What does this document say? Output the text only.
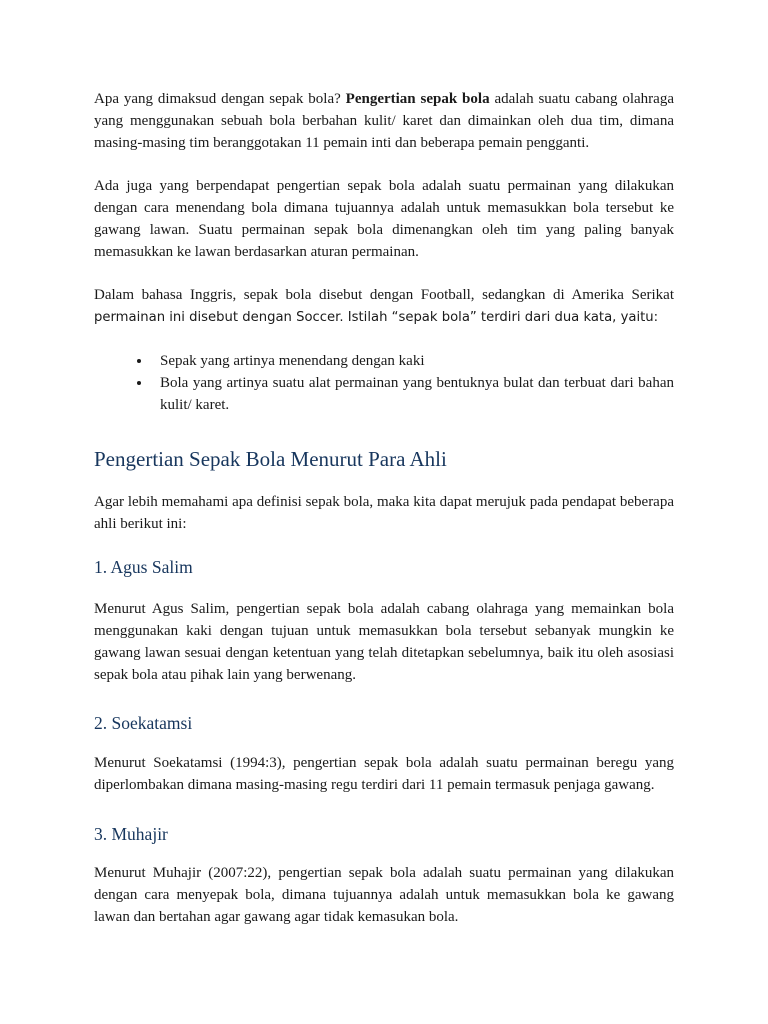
Apa yang dimaksud dengan sepak bola? Pengertian sepak bola adalah suatu cabang olahraga yang menggunakan sebuah bola berbahan kulit/ karet dan dimainkan oleh dua tim, dimana masing-masing tim beranggotakan 11 pemain inti dan beberapa pemain pengganti.

Ada juga yang berpendapat pengertian sepak bola adalah suatu permainan yang dilakukan dengan cara menendang bola dimana tujuannya adalah untuk memasukkan bola tersebut ke gawang lawan. Suatu permainan sepak bola dimenangkan oleh tim yang paling banyak memasukkan ke lawan berdasarkan aturan permainan.

Dalam bahasa Inggris, sepak bola disebut dengan Football, sedangkan di Amerika Serikat permainan ini disebut dengan Soccer. Istilah “sepak bola” terdiri dari dua kata, yaitu:

Sepak yang artinya menendang dengan kaki
Bola yang artinya suatu alat permainan yang bentuknya bulat dan terbuat dari bahan kulit/ karet.
Pengertian Sepak Bola Menurut Para Ahli

Agar lebih memahami apa definisi sepak bola, maka kita dapat merujuk pada pendapat beberapa ahli berikut ini:

1. Agus Salim

Menurut Agus Salim, pengertian sepak bola adalah cabang olahraga yang memainkan bola menggunakan kaki dengan tujuan untuk memasukkan bola tersebut sebanyak mungkin ke gawang lawan sesuai dengan ketentuan yang telah ditetapkan sebelumnya, baik itu oleh asosiasi sepak bola atau pihak lain yang berwenang.

2. Soekatamsi

Menurut Soekatamsi (1994:3), pengertian sepak bola adalah suatu permainan beregu yang diperlombakan dimana masing-masing regu terdiri dari 11 pemain termasuk penjaga gawang.

3. Muhajir

Menurut Muhajir (2007:22), pengertian sepak bola adalah suatu permainan yang dilakukan dengan cara menyepak bola, dimana tujuannya adalah untuk memasukkan bola ke gawang lawan dan bertahan agar gawang agar tidak kemasukan bola.
